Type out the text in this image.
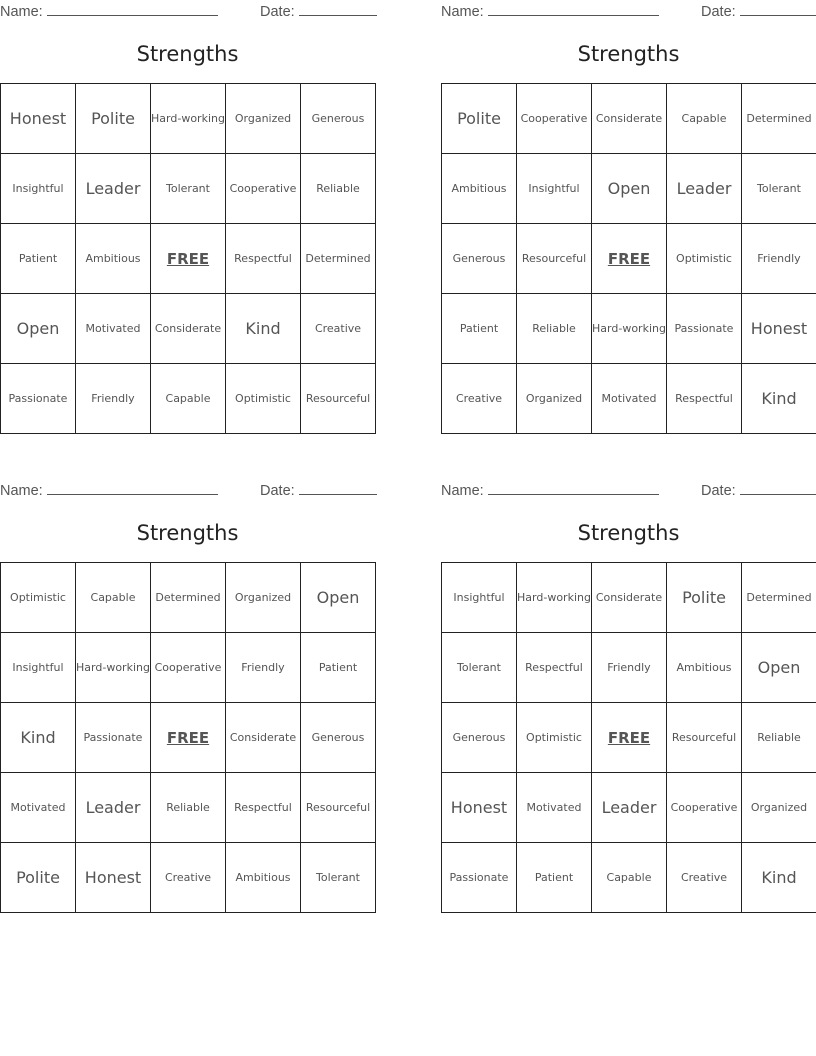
Name:	Date:
Strengths
Honest	Polite	Hard-working	Organized	Generous
Insightful	Leader	Tolerant	Cooperative	Reliable
Patient	Ambitious	FREE	Respectful	Determined
Open	Motivated	Considerate	Kind	Creative
Passionate	Friendly	Capable	Optimistic	Resourceful
Name:	Date:
Strengths
Polite	Cooperative	Considerate	Capable	Determined
Ambitious	Insightful	Open	Leader	Tolerant
Generous	Resourceful	FREE	Optimistic	Friendly
Patient	Reliable	Hard-working	Passionate	Honest
Creative	Organized	Motivated	Respectful	Kind
Name:	Date:
Strengths
Optimistic	Capable	Determined	Organized	Open
Insightful	Hard-working	Cooperative	Friendly	Patient
Kind	Passionate	FREE	Considerate	Generous
Motivated	Leader	Reliable	Respectful	Resourceful
Polite	Honest	Creative	Ambitious	Tolerant
Name:	Date:
Strengths
Insightful	Hard-working	Considerate	Polite	Determined
Tolerant	Respectful	Friendly	Ambitious	Open
Generous	Optimistic	FREE	Resourceful	Reliable
Honest	Motivated	Leader	Cooperative	Organized
Passionate	Patient	Capable	Creative	Kind
